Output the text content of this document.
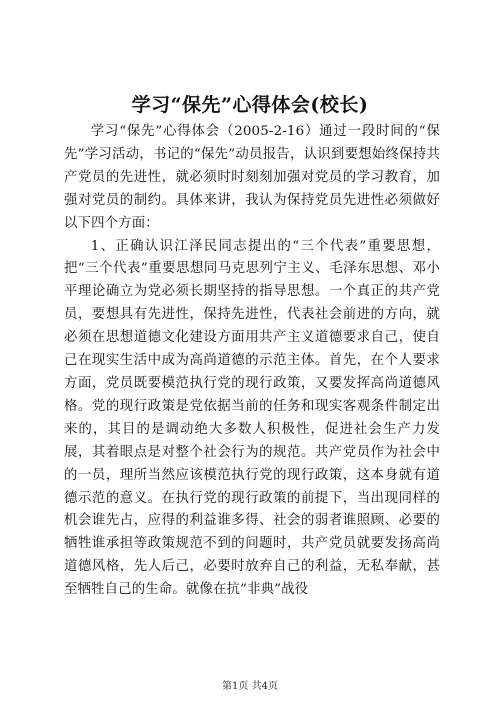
学习“保先”心得体会(校长)

学习“保先”心得体会（2005-2-16）通过一段时间的“保先”学习活动，书记的“保先”动员报告，认识到要想始终保持共产党员的先进性，就必须时时刻刻加强对党员的学习教育，加强对党员的制约。具体来讲，我认为保持党员先进性必须做好以下四个方面：

1、正确认识江泽民同志提出的“三个代表”重要思想，把“三个代表”重要思想同马克思列宁主义、毛泽东思想、邓小平理论确立为党必须长期坚持的指导思想。一个真正的共产党员，要想具有先进性，保持先进性，代表社会前进的方向，就必须在思想道德文化建设方面用共产主义道德要求自己，使自己在现实生活中成为高尚道德的示范主体。首先，在个人要求方面，党员既要模范执行党的现行政策，又要发挥高尚道德风格。党的现行政策是党依据当前的任务和现实客观条件制定出来的，其目的是调动绝大多数人积极性，促进社会生产力发展，其着眼点是对整个社会行为的规范。共产党员作为社会中的一员，理所当然应该模范执行党的现行政策，这本身就有道德示范的意义。在执行党的现行政策的前提下，当出现同样的机会谁先占，应得的利益谁多得、社会的弱者谁照顾、必要的牺牲谁承担等政策规范不到的问题时，共产党员就要发扬高尚道德风格，先人后己，必要时放弃自己的利益，无私奉献，甚至牺牲自己的生命。就像在抗“非典”战役

第1页 共4页
